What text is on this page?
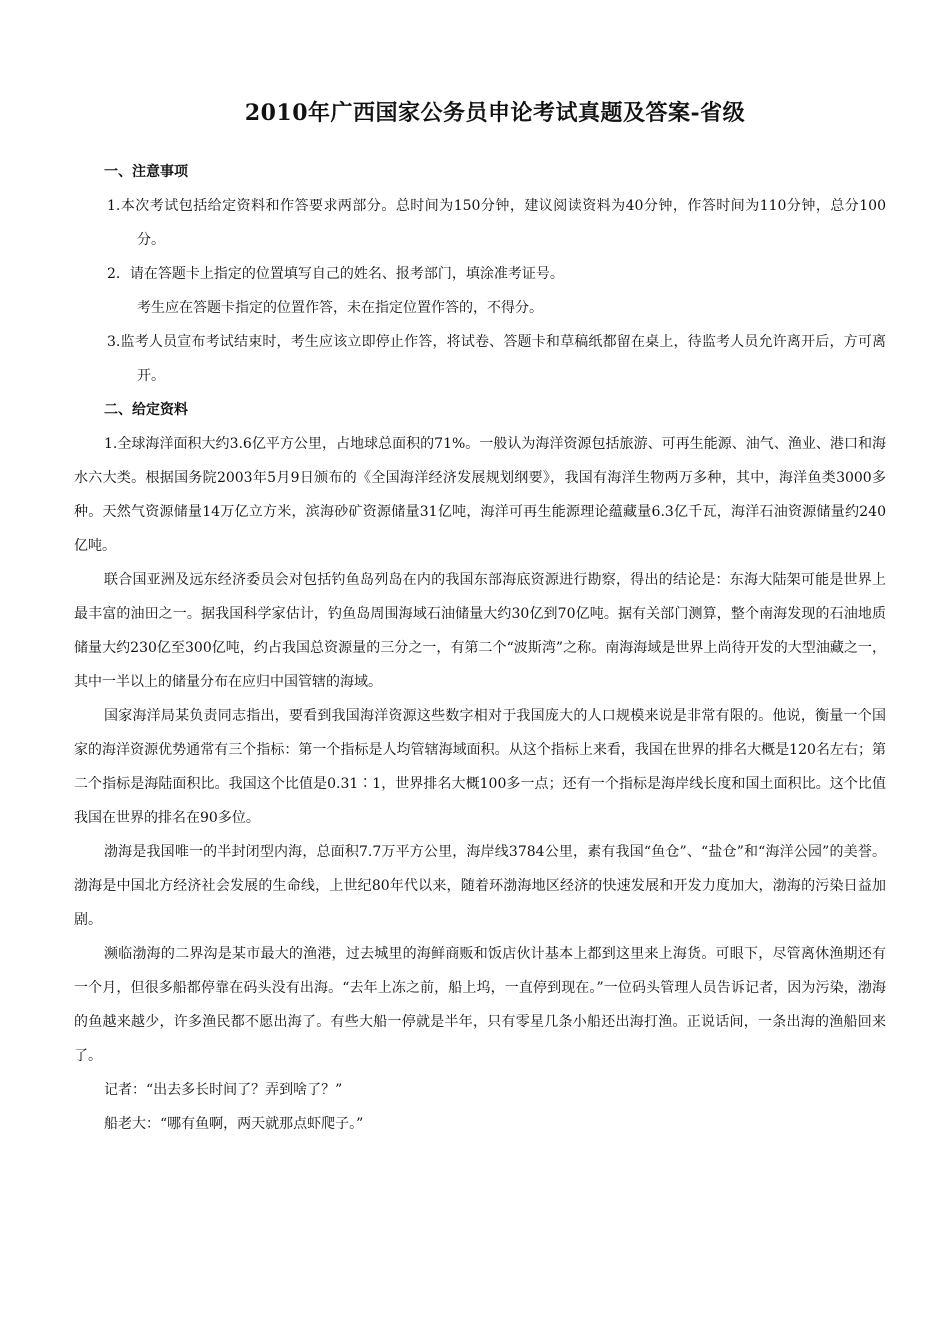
2010年广西国家公务员申论考试真题及答案-省级
一、注意事项
1.本次考试包括给定资料和作答要求两部分。总时间为150分钟，建议阅读资料为40分钟，作答时间为110分钟，总分100分。
2．请在答题卡上指定的位置填写自己的姓名、报考部门，填涂准考证号。
考生应在答题卡指定的位置作答，未在指定位置作答的，不得分。
3.监考人员宣布考试结束时，考生应该立即停止作答，将试卷、答题卡和草稿纸都留在桌上，待监考人员允许离开后，方可离开。
二、给定资料
1.全球海洋面积大约3.6亿平方公里，占地球总面积的71%。一般认为海洋资源包括旅游、可再生能源、油气、渔业、港口和海水六大类。根据国务院2003年5月9日颁布的《全国海洋经济发展规划纲要》，我国有海洋生物两万多种，其中，海洋鱼类3000多种。天然气资源储量14万亿立方米，滨海砂矿资源储量31亿吨，海洋可再生能源理论蕴藏量6.3亿千瓦，海洋石油资源储量约240亿吨。
联合国亚洲及远东经济委员会对包括钓鱼岛列岛在内的我国东部海底资源进行勘察，得出的结论是：东海大陆架可能是世界上最丰富的油田之一。据我国科学家估计，钓鱼岛周围海域石油储量大约30亿到70亿吨。据有关部门测算，整个南海发现的石油地质储量大约230亿至300亿吨，约占我国总资源量的三分之一，有第二个“波斯湾”之称。南海海域是世界上尚待开发的大型油藏之一，其中一半以上的储量分布在应归中国管辖的海域。
国家海洋局某负责同志指出，要看到我国海洋资源这些数字相对于我国庞大的人口规模来说是非常有限的。他说，衡量一个国家的海洋资源优势通常有三个指标：第一个指标是人均管辖海域面积。从这个指标上来看，我国在世界的排名大概是120名左右；第二个指标是海陆面积比。我国这个比值是0.31∶1，世界排名大概100多一点；还有一个指标是海岸线长度和国土面积比。这个比值我国在世界的排名在90多位。
渤海是我国唯一的半封闭型内海，总面积7.7万平方公里，海岸线3784公里，素有我国“鱼仓”、“盐仓”和“海洋公园”的美誉。渤海是中国北方经济社会发展的生命线，上世纪80年代以来，随着环渤海地区经济的快速发展和开发力度加大，渤海的污染日益加剧。
濒临渤海的二界沟是某市最大的渔港，过去城里的海鲜商贩和饭店伙计基本上都到这里来上海货。可眼下，尽管离休渔期还有一个月，但很多船都停靠在码头没有出海。“去年上冻之前，船上坞，一直停到现在。”一位码头管理人员告诉记者，因为污染，渤海的鱼越来越少，许多渔民都不愿出海了。有些大船一停就是半年，只有零星几条小船还出海打渔。正说话间，一条出海的渔船回来了。
记者：“出去多长时间了？弄到啥了？”
船老大：“哪有鱼啊，两天就那点虾爬子。”
